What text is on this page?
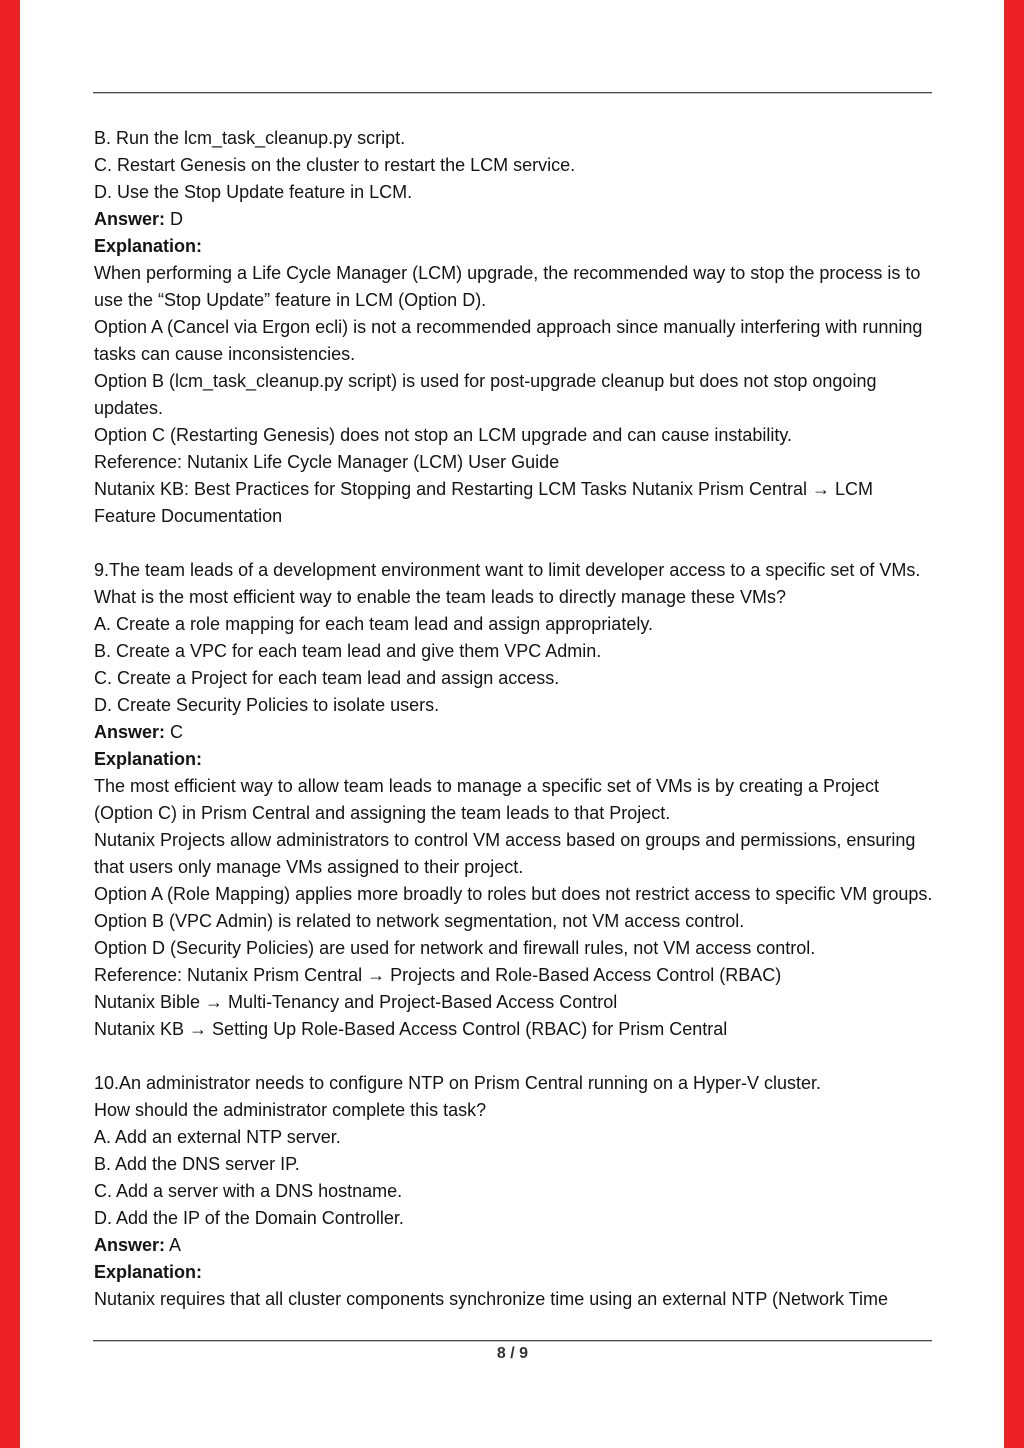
B. Run the lcm_task_cleanup.py script.
C. Restart Genesis on the cluster to restart the LCM service.
D. Use the Stop Update feature in LCM.
Answer: D
Explanation:
When performing a Life Cycle Manager (LCM) upgrade, the recommended way to stop the process is to
use the “Stop Update” feature in LCM (Option D).
Option A (Cancel via Ergon ecli) is not a recommended approach since manually interfering with running
tasks can cause inconsistencies.
Option B (lcm_task_cleanup.py script) is used for post-upgrade cleanup but does not stop ongoing
updates.
Option C (Restarting Genesis) does not stop an LCM upgrade and can cause instability.
Reference: Nutanix Life Cycle Manager (LCM) User Guide
Nutanix KB: Best Practices for Stopping and Restarting LCM Tasks Nutanix Prism Central → LCM
Feature Documentation

9.The team leads of a development environment want to limit developer access to a specific set of VMs.
What is the most efficient way to enable the team leads to directly manage these VMs?
A. Create a role mapping for each team lead and assign appropriately.
B. Create a VPC for each team lead and give them VPC Admin.
C. Create a Project for each team lead and assign access.
D. Create Security Policies to isolate users.
Answer: C
Explanation:
The most efficient way to allow team leads to manage a specific set of VMs is by creating a Project
(Option C) in Prism Central and assigning the team leads to that Project.
Nutanix Projects allow administrators to control VM access based on groups and permissions, ensuring
that users only manage VMs assigned to their project.
Option A (Role Mapping) applies more broadly to roles but does not restrict access to specific VM groups.
Option B (VPC Admin) is related to network segmentation, not VM access control.
Option D (Security Policies) are used for network and firewall rules, not VM access control.
Reference: Nutanix Prism Central → Projects and Role-Based Access Control (RBAC)
Nutanix Bible → Multi-Tenancy and Project-Based Access Control
Nutanix KB → Setting Up Role-Based Access Control (RBAC) for Prism Central

10.An administrator needs to configure NTP on Prism Central running on a Hyper-V cluster.
How should the administrator complete this task?
A. Add an external NTP server.
B. Add the DNS server IP.
C. Add a server with a DNS hostname.
D. Add the IP of the Domain Controller.
Answer: A
Explanation:
Nutanix requires that all cluster components synchronize time using an external NTP (Network Time
8 / 9
